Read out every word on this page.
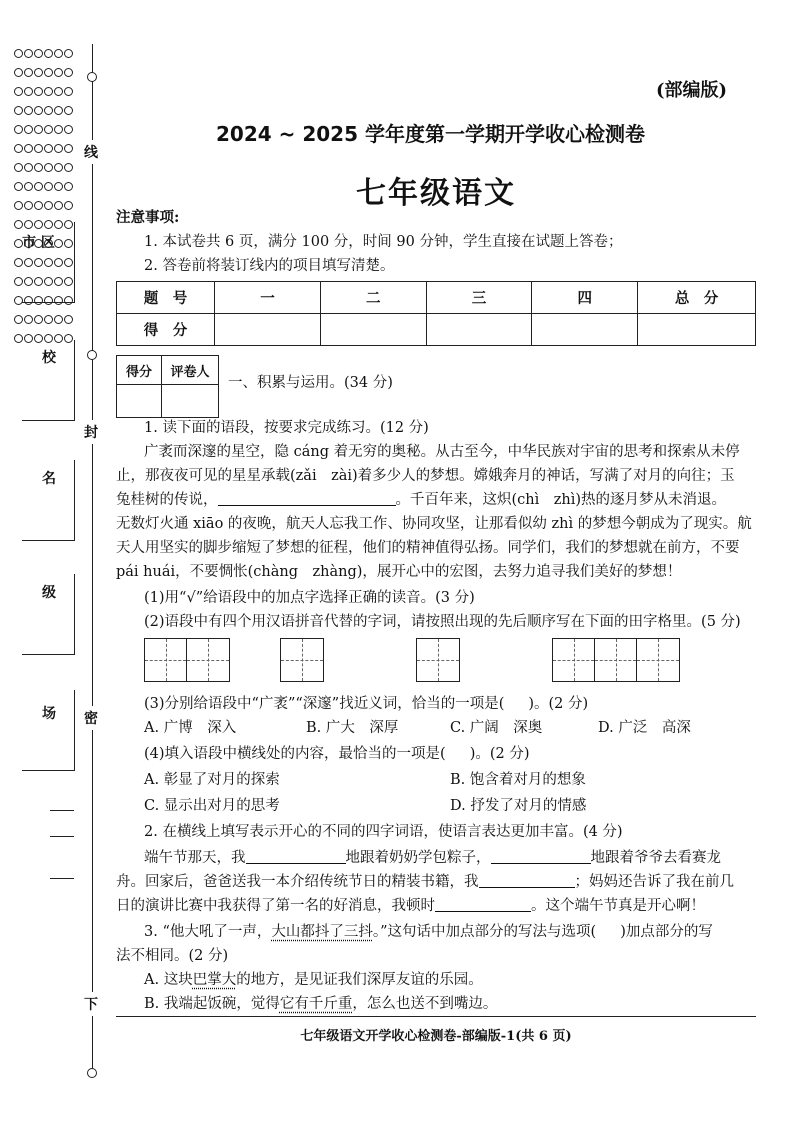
线
封
密
下
市 区
校
名
级
场
(部编版)
2024 ~ 2025 学年度第一学期开学收心检测卷
七年级语文
注意事项:
1. 本试卷共 6 页，满分 100 分，时间 90 分钟，学生直接在试题上答卷；
2. 答卷前将装订线内的项目填写清楚。
题　号	一	二	三	四	总　分
得　分					
得分	评卷人

一、积累与运用。(34 分)
1. 读下面的语段，按要求完成练习。(12 分)
广袤而深邃的星空，隐 cáng 着无穷的奥秘。从古至今，中华民族对宇宙的思考和探索从未停
止，那夜夜可见的星星承载(zǎi　zài)着多少人的梦想。嫦娥奔月的神话，写满了对月的向往；玉
兔桂树的传说，	。千百年来，这炽(chì　zhì)热的逐月梦从未消退。
无数灯火通 xiāo 的夜晚，航天人忘我工作、协同攻坚，让那看似幼 zhì 的梦想今朝成为了现实。航
天人用坚实的脚步缩短了梦想的征程，他们的精神值得弘扬。同学们，我们的梦想就在前方，不要
pái huái，不要惆怅(chàng　zhàng)，展开心中的宏图，去努力追寻我们美好的梦想！
(1)用“√”给语段中的加点字选择正确的读音。(3 分)
(2)语段中有四个用汉语拼音代替的字词，请按照出现的先后顺序写在下面的田字格里。(5 分)
(3)分别给语段中“广袤”“深邃”找近义词，恰当的一项是( )。(2 分)
A. 广博　深入	B. 广大　深厚	C. 广阔　深奥	D. 广泛　高深
(4)填入语段中横线处的内容，最恰当的一项是( )。(2 分)
A. 彰显了对月的探索	B. 饱含着对月的想象
C. 显示出对月的思考	D. 抒发了对月的情感
2. 在横线上填写表示开心的不同的四字词语，使语言表达更加丰富。(4 分)
端午节那天，我	地跟着奶奶学包粽子，	地跟着爷爷去看赛龙
舟。回家后，爸爸送我一本介绍传统节日的精装书籍，我	；妈妈还告诉了我在前几
日的演讲比赛中我获得了第一名的好消息，我顿时	。这个端午节真是开心啊！
3. “他大吼了一声，大山都抖了三抖。”这句话中加点部分的写法与选项( )加点部分的写
法不相同。(2 分)
A. 这块巴掌大的地方，是见证我们深厚友谊的乐园。
B. 我端起饭碗，觉得它有千斤重，怎么也送不到嘴边。
七年级语文开学收心检测卷-部编版-1(共 6 页)
